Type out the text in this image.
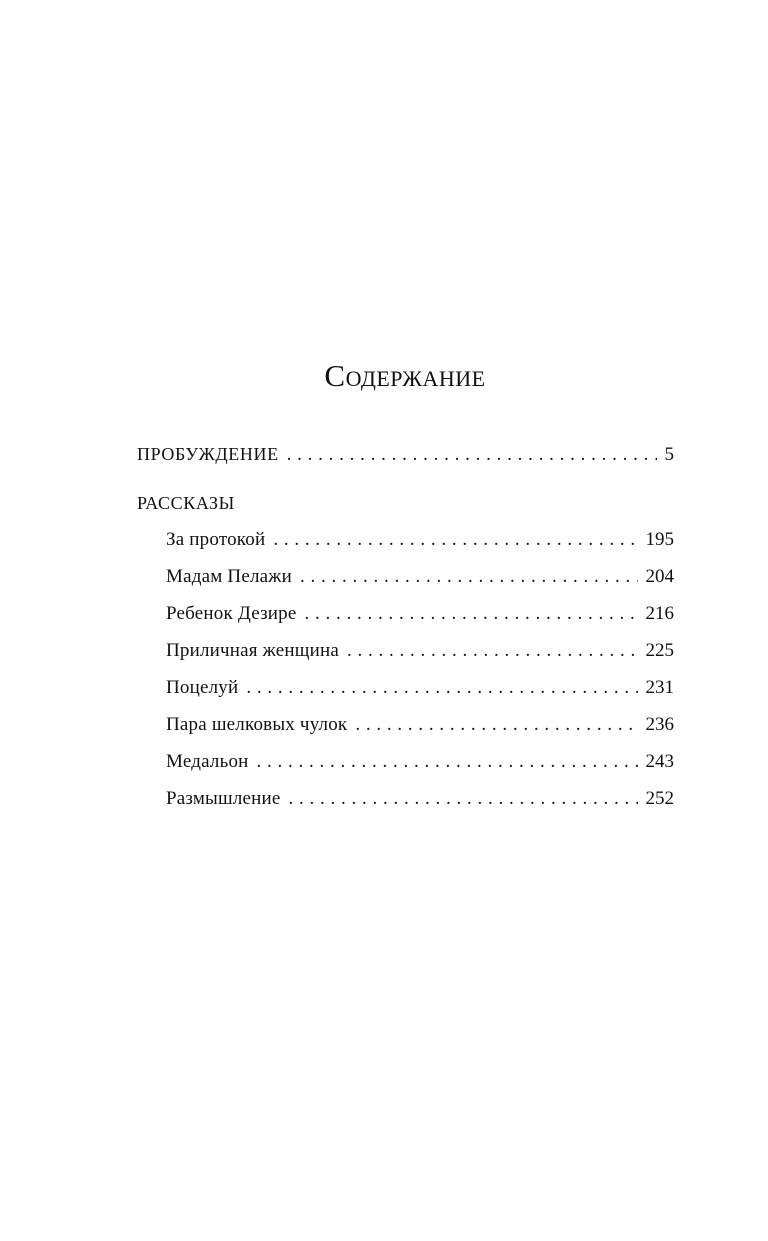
Содержание
ПРОБУЖДЕНИЕ . . .	5
РАССКАЗЫ
За протокой . . .	195
Мадам Пелажи . . .	204
Ребенок Дезире . . .	216
Приличная женщина . . .	225
Поцелуй . . .	231
Пара шелковых чулок . . .	236
Медальон . . .	243
Размышление . . .	252
